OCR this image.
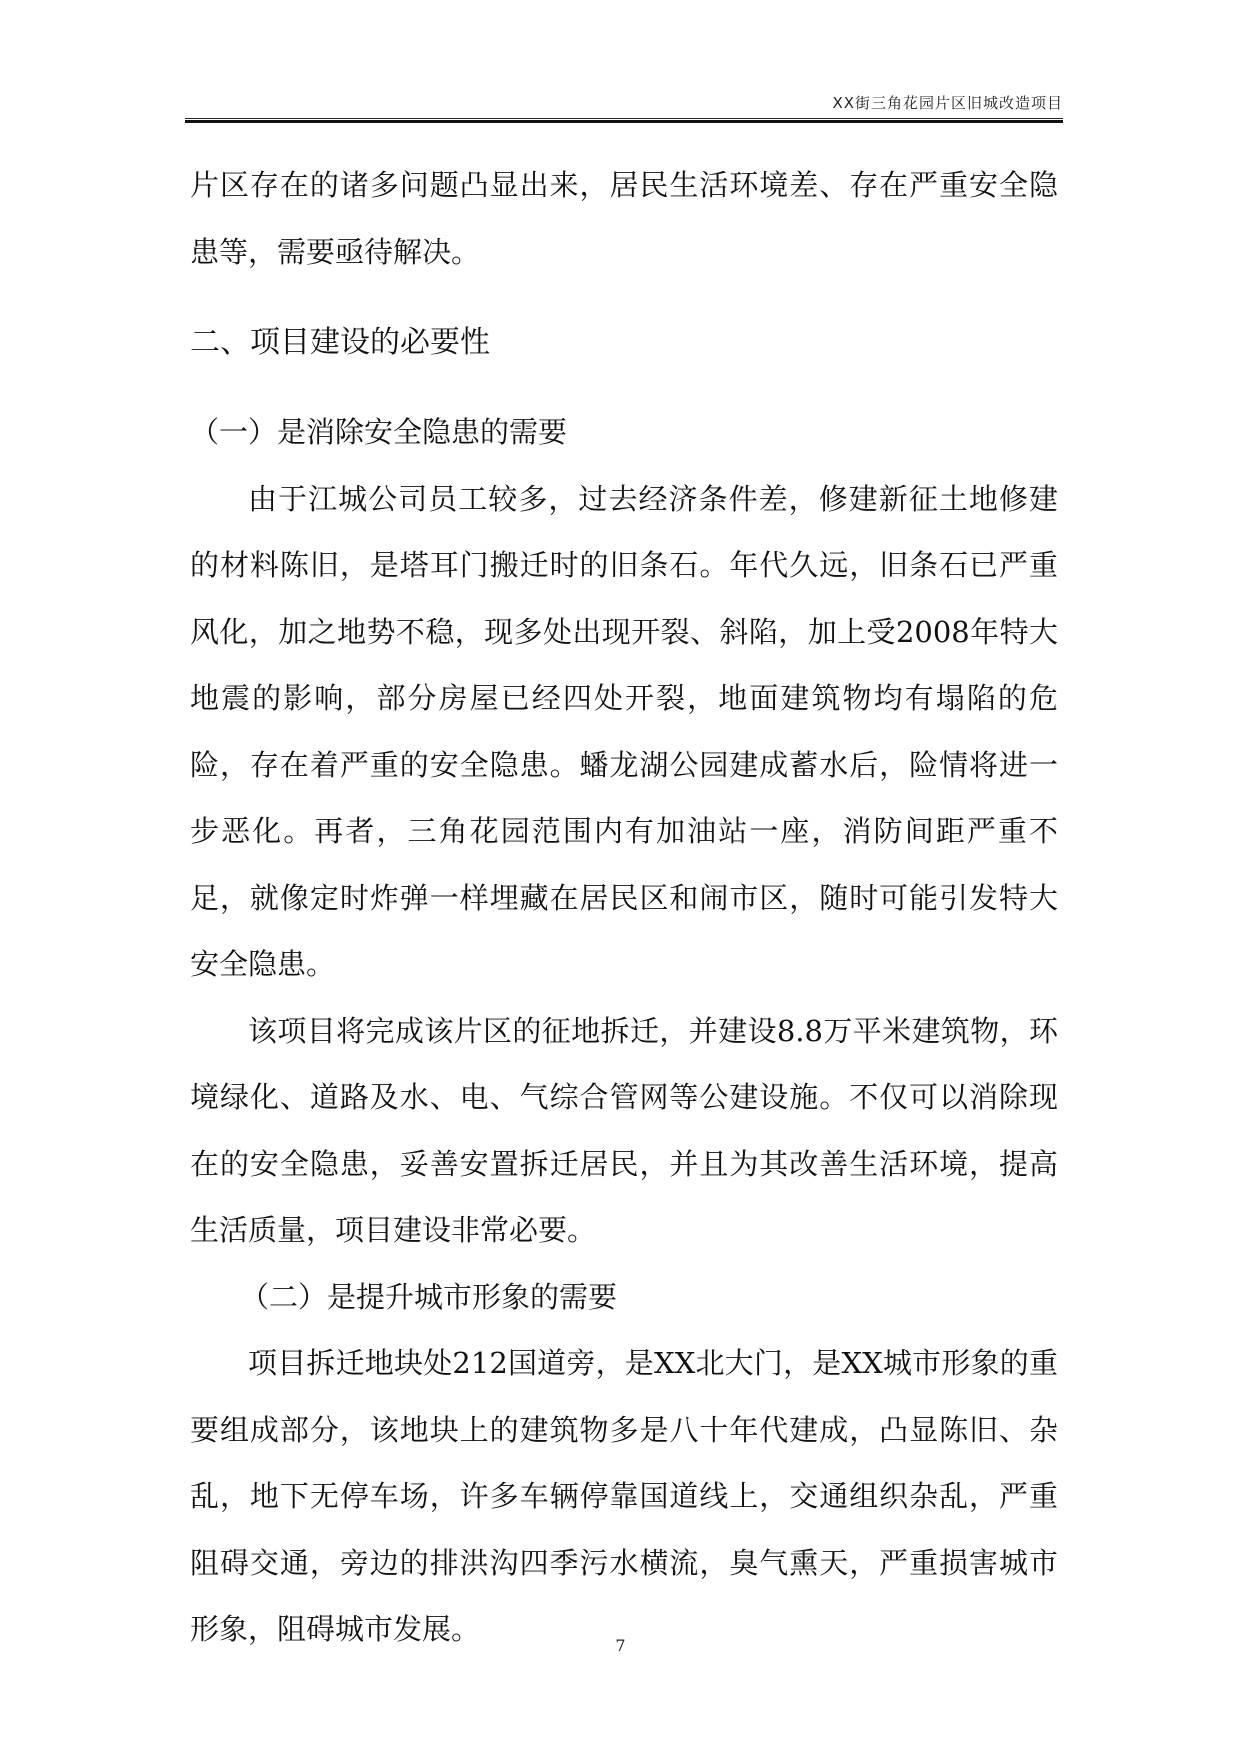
XX街三角花园片区旧城改造项目

片区存在的诸多问题凸显出来，居民生活环境差、存在严重安全隐患等，需要亟待解决。

二、项目建设的必要性

（一）是消除安全隐患的需要

由于江城公司员工较多，过去经济条件差，修建新征土地修建的材料陈旧，是塔耳门搬迁时的旧条石。年代久远，旧条石已严重风化，加之地势不稳，现多处出现开裂、斜陷，加上受2008年特大地震的影响，部分房屋已经四处开裂，地面建筑物均有塌陷的危险，存在着严重的安全隐患。蟠龙湖公园建成蓄水后，险情将进一步恶化。再者，三角花园范围内有加油站一座，消防间距严重不足，就像定时炸弹一样埋藏在居民区和闹市区，随时可能引发特大安全隐患。

该项目将完成该片区的征地拆迁，并建设8.8万平米建筑物，环境绿化、道路及水、电、气综合管网等公建设施。不仅可以消除现在的安全隐患，妥善安置拆迁居民，并且为其改善生活环境，提高生活质量，项目建设非常必要。

（二）是提升城市形象的需要

项目拆迁地块处212国道旁，是XX北大门，是XX城市形象的重要组成部分，该地块上的建筑物多是八十年代建成，凸显陈旧、杂乱，地下无停车场，许多车辆停靠国道线上，交通组织杂乱，严重阻碍交通，旁边的排洪沟四季污水横流，臭气熏天，严重损害城市形象，阻碍城市发展。	7
